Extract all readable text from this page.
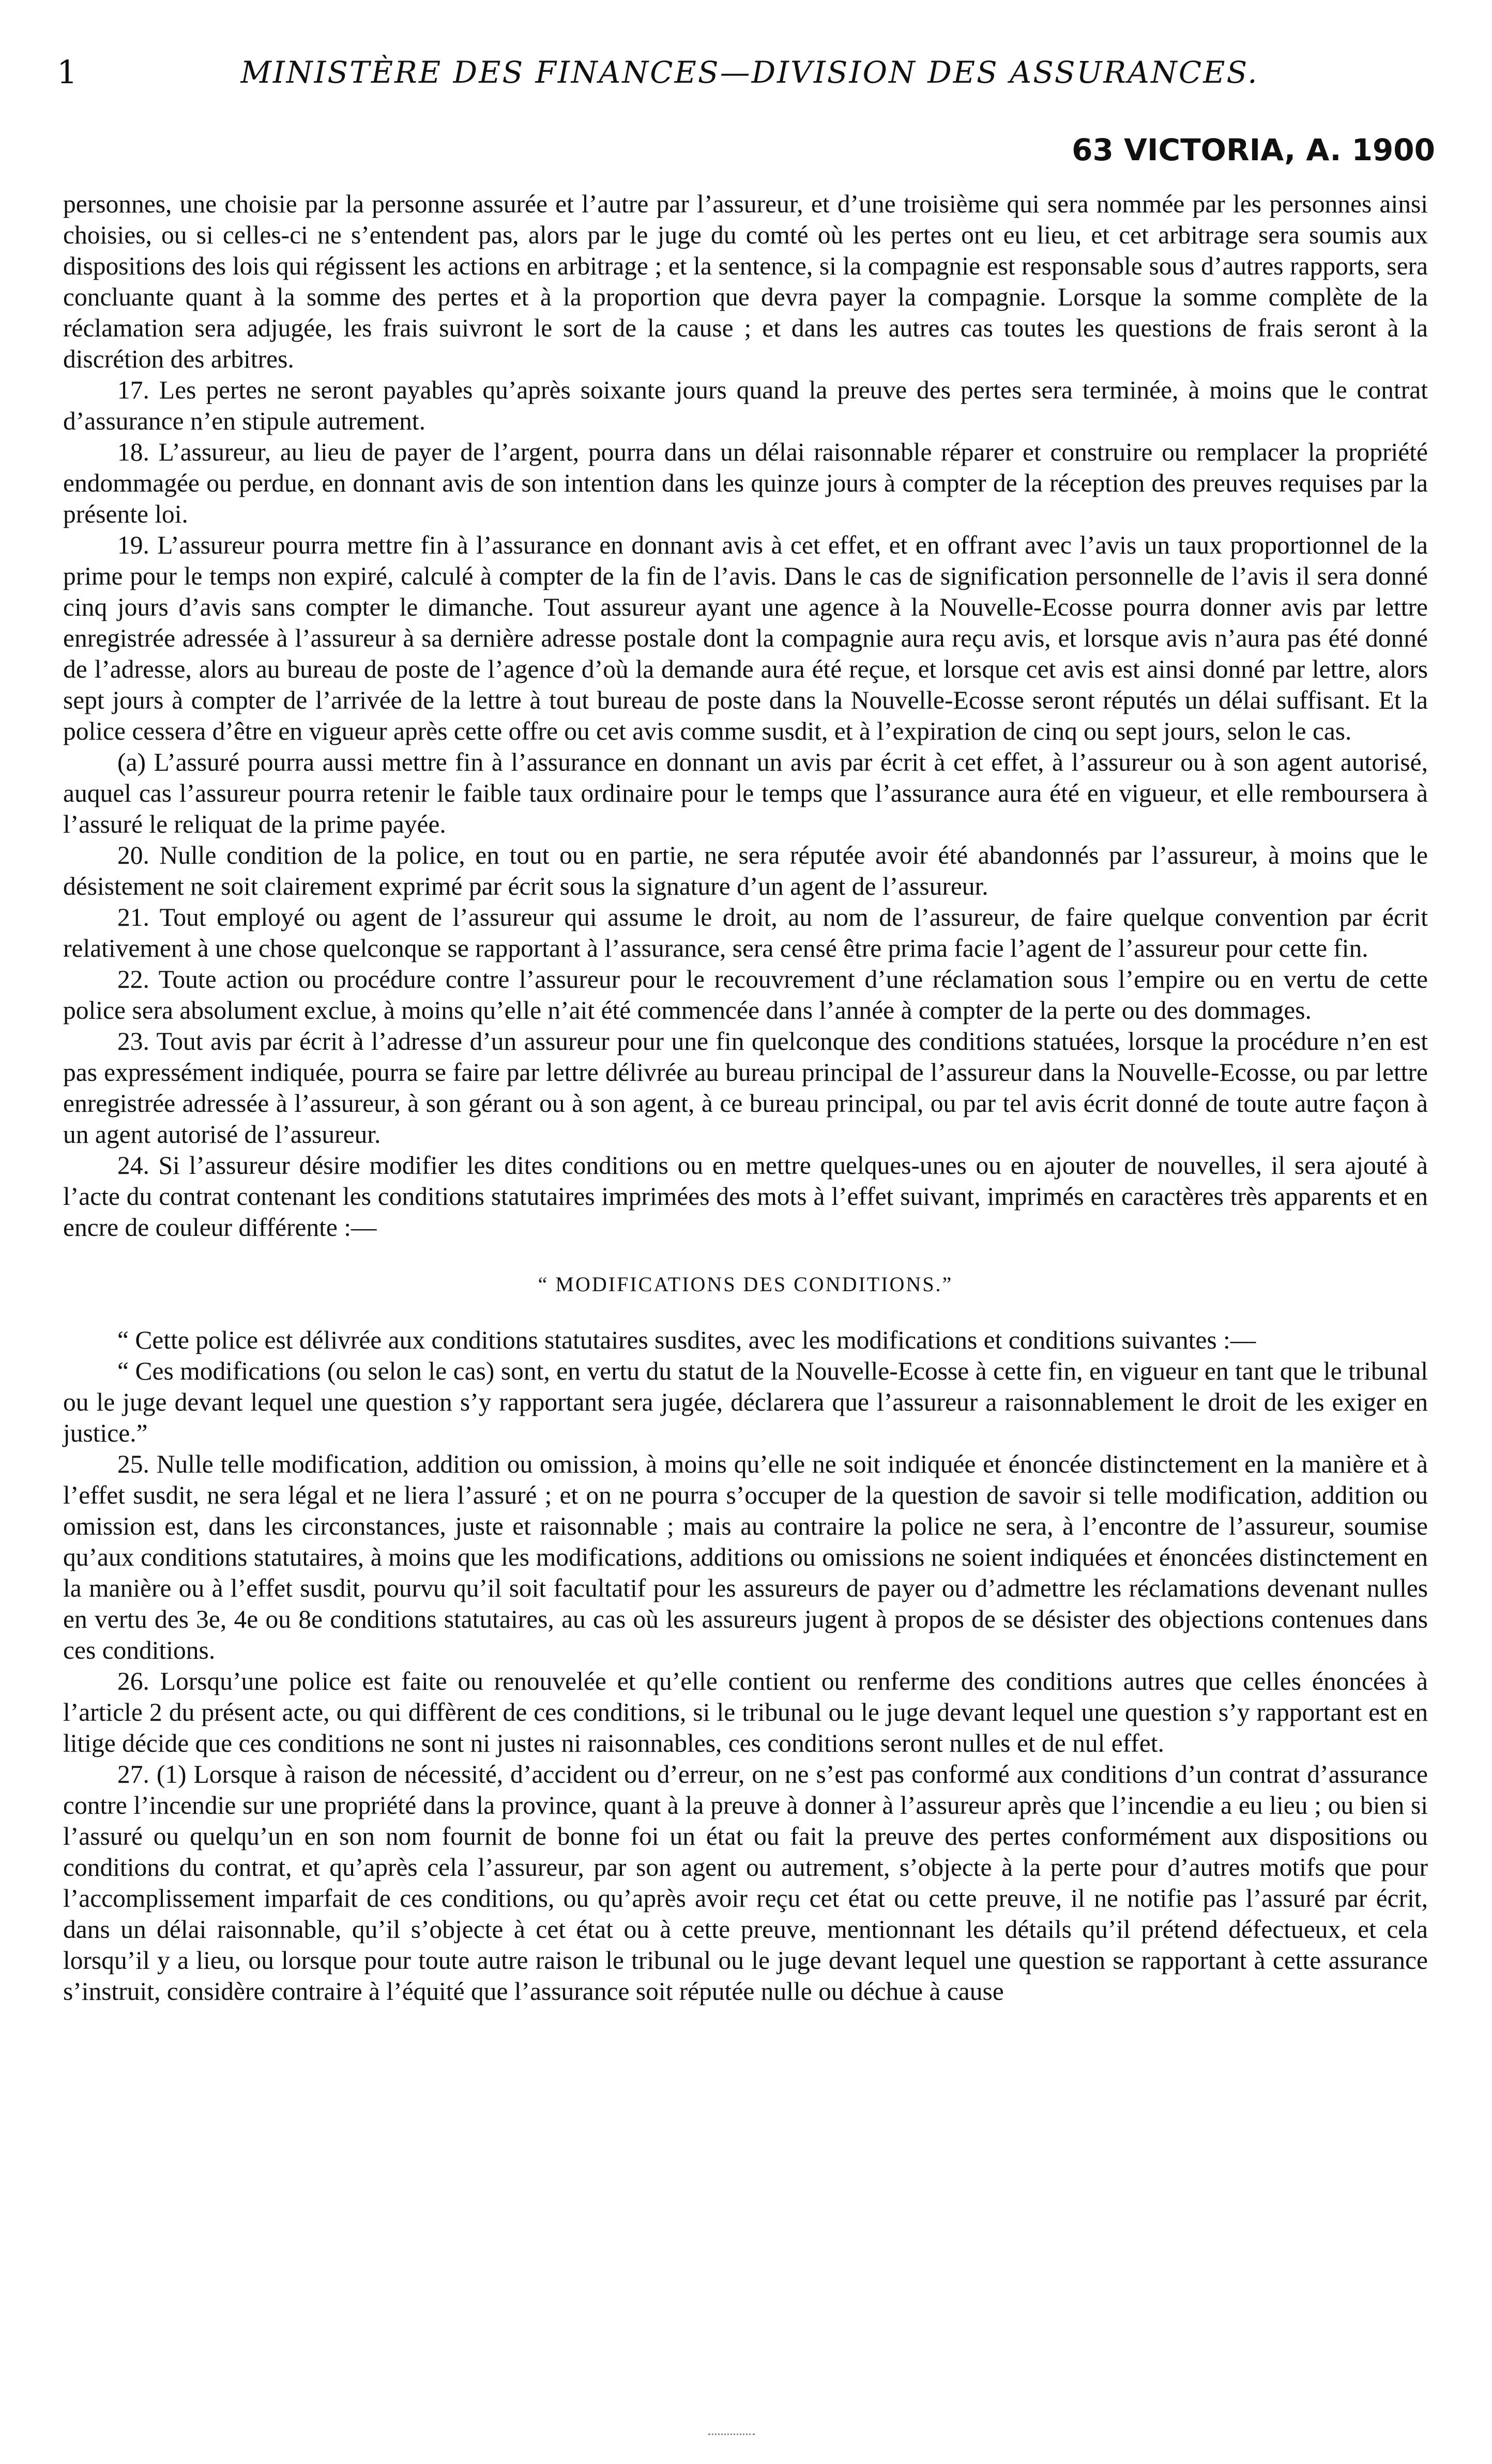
1	MINISTÈRE DES FINANCES—DIVISION DES ASSURANCES.
63 VICTORIA, A. 1900

personnes, une choisie par la personne assurée et l’autre par l’assureur, et d’une troisième qui sera nommée par les personnes ainsi choisies, ou si celles-ci ne s’entendent pas, alors par le juge du comté où les pertes ont eu lieu, et cet arbitrage sera soumis aux dispositions des lois qui régissent les actions en arbitrage ; et la sentence, si la compagnie est responsable sous d’autres rapports, sera concluante quant à la somme des pertes et à la proportion que devra payer la compagnie. Lorsque la somme complète de la réclamation sera adjugée, les frais suivront le sort de la cause ; et dans les autres cas toutes les questions de frais seront à la discrétion des arbitres.

17. Les pertes ne seront payables qu’après soixante jours quand la preuve des pertes sera terminée, à moins que le contrat d’assurance n’en stipule autrement.

18. L’assureur, au lieu de payer de l’argent, pourra dans un délai raisonnable réparer et construire ou remplacer la propriété endommagée ou perdue, en donnant avis de son intention dans les quinze jours à compter de la réception des preuves requises par la présente loi.

19. L’assureur pourra mettre fin à l’assurance en donnant avis à cet effet, et en offrant avec l’avis un taux proportionnel de la prime pour le temps non expiré, calculé à compter de la fin de l’avis. Dans le cas de signification personnelle de l’avis il sera donné cinq jours d’avis sans compter le dimanche. Tout assureur ayant une agence à la Nouvelle-Ecosse pourra donner avis par lettre enregistrée adressée à l’assureur à sa dernière adresse postale dont la compagnie aura reçu avis, et lorsque avis n’aura pas été donné de l’adresse, alors au bureau de poste de l’agence d’où la demande aura été reçue, et lorsque cet avis est ainsi donné par lettre, alors sept jours à compter de l’arrivée de la lettre à tout bureau de poste dans la Nouvelle-Ecosse seront réputés un délai suffisant. Et la police cessera d’être en vigueur après cette offre ou cet avis comme susdit, et à l’expiration de cinq ou sept jours, selon le cas.

(a) L’assuré pourra aussi mettre fin à l’assurance en donnant un avis par écrit à cet effet, à l’assureur ou à son agent autorisé, auquel cas l’assureur pourra retenir le faible taux ordinaire pour le temps que l’assurance aura été en vigueur, et elle remboursera à l’assuré le reliquat de la prime payée.

20. Nulle condition de la police, en tout ou en partie, ne sera réputée avoir été abandonnés par l’assureur, à moins que le désistement ne soit clairement exprimé par écrit sous la signature d’un agent de l’assureur.

21. Tout employé ou agent de l’assureur qui assume le droit, au nom de l’assureur, de faire quelque convention par écrit relativement à une chose quelconque se rapportant à l’assurance, sera censé être prima facie l’agent de l’assureur pour cette fin.

22. Toute action ou procédure contre l’assureur pour le recouvrement d’une réclamation sous l’empire ou en vertu de cette police sera absolument exclue, à moins qu’elle n’ait été commencée dans l’année à compter de la perte ou des dommages.

23. Tout avis par écrit à l’adresse d’un assureur pour une fin quelconque des conditions statuées, lorsque la procédure n’en est pas expressément indiquée, pourra se faire par lettre délivrée au bureau principal de l’assureur dans la Nouvelle-Ecosse, ou par lettre enregistrée adressée à l’assureur, à son gérant ou à son agent, à ce bureau principal, ou par tel avis écrit donné de toute autre façon à un agent autorisé de l’assureur.

24. Si l’assureur désire modifier les dites conditions ou en mettre quelques-unes ou en ajouter de nouvelles, il sera ajouté à l’acte du contrat contenant les conditions statutaires imprimées des mots à l’effet suivant, imprimés en caractères très apparents et en encre de couleur différente :—

“ MODIFICATIONS DES CONDITIONS.”

“ Cette police est délivrée aux conditions statutaires susdites, avec les modifications et conditions suivantes :—

“ Ces modifications (ou selon le cas) sont, en vertu du statut de la Nouvelle-Ecosse à cette fin, en vigueur en tant que le tribunal ou le juge devant lequel une question s’y rapportant sera jugée, déclarera que l’assureur a raisonnablement le droit de les exiger en justice.”

25. Nulle telle modification, addition ou omission, à moins qu’elle ne soit indiquée et énoncée distinctement en la manière et à l’effet susdit, ne sera légal et ne liera l’assuré ; et on ne pourra s’occuper de la question de savoir si telle modification, addition ou omission est, dans les circonstances, juste et raisonnable ; mais au contraire la police ne sera, à l’encontre de l’assureur, soumise qu’aux conditions statutaires, à moins que les modifications, additions ou omissions ne soient indiquées et énoncées distinctement en la manière ou à l’effet susdit, pourvu qu’il soit facultatif pour les assureurs de payer ou d’admettre les réclamations devenant nulles en vertu des 3e, 4e ou 8e conditions statutaires, au cas où les assureurs jugent à propos de se désister des objections contenues dans ces conditions.

26. Lorsqu’une police est faite ou renouvelée et qu’elle contient ou renferme des conditions autres que celles énoncées à l’article 2 du présent acte, ou qui diffèrent de ces conditions, si le tribunal ou le juge devant lequel une question s’y rapportant est en litige décide que ces conditions ne sont ni justes ni raisonnables, ces conditions seront nulles et de nul effet.

27. (1) Lorsque à raison de nécessité, d’accident ou d’erreur, on ne s’est pas conformé aux conditions d’un contrat d’assurance contre l’incendie sur une propriété dans la province, quant à la preuve à donner à l’assureur après que l’incendie a eu lieu ; ou bien si l’assuré ou quelqu’un en son nom fournit de bonne foi un état ou fait la preuve des pertes conformément aux dispositions ou conditions du contrat, et qu’après cela l’assureur, par son agent ou autrement, s’objecte à la perte pour d’autres motifs que pour l’accomplissement imparfait de ces conditions, ou qu’après avoir reçu cet état ou cette preuve, il ne notifie pas l’assuré par écrit, dans un délai raisonnable, qu’il s’objecte à cet état ou à cette preuve, mentionnant les détails qu’il prétend défectueux, et cela lorsqu’il y a lieu, ou lorsque pour toute autre raison le tribunal ou le juge devant lequel une question se rapportant à cette assurance s’instruit, considère contraire à l’équité que l’assurance soit réputée nulle ou déchue à cause
